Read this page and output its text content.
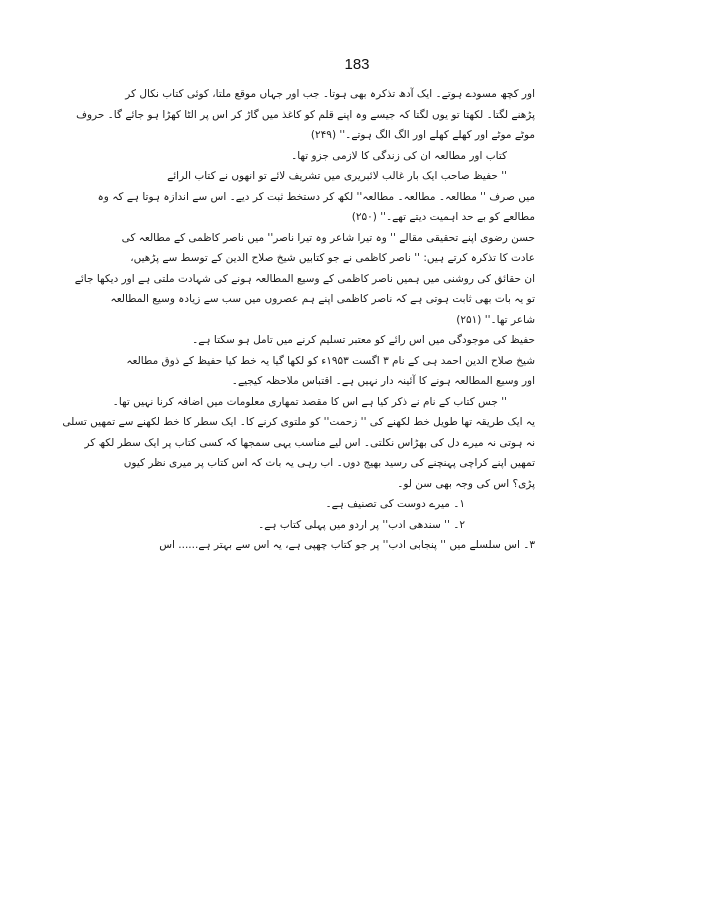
183
اور کچھ مسودے ہوتے۔ ایک آدھ تذکرہ بھی ہوتا۔ جب اور جہاں موقع ملتا، کوئی کتاب نکال کر
پڑھنے لگتا۔ لکھتا تو یوں لگتا کہ جیسے وہ اپنے قلم کو کاغذ میں گاڑ کر اس پر الٹا کھڑا ہو جائے گا۔ حروف
موٹے موٹے اور کھلے کھلے اور الگ الگ ہوتے۔'' (۲۴۹)
کتاب اور مطالعہ ان کی زندگی کا لازمی جزو تھا۔
'' حفیظ صاحب ایک بار غالب لائبریری میں تشریف لائے تو انھوں نے کتاب الرائے
میں صرف '' مطالعہ۔ مطالعہ۔ مطالعہ'' لکھ کر دستخط ثبت کر دیے۔ اس سے اندازہ ہوتا ہے کہ وہ
مطالعے کو بے حد اہمیت دیتے تھے۔'' (۲۵۰)
حسن رضوی اپنے تحقیقی مقالے '' وہ تیرا شاعر وہ تیرا ناصر'' میں ناصر کاظمی کے مطالعہ کی
عادت کا تذکرہ کرتے ہیں: '' ناصر کاظمی نے جو کتابیں شیخ صلاح الدین کے توسط سے پڑھیں،
ان حقائق کی روشنی میں ہمیں ناصر کاظمی کے وسیع المطالعہ ہونے کی شہادت ملتی ہے اور دیکھا جائے
تو یہ بات بھی ثابت ہوتی ہے کہ ناصر کاظمی اپنے ہم عصروں میں سب سے زیادہ وسیع المطالعہ
شاعر تھا۔'' (۲۵۱)
حفیظ کی موجودگی میں اس رائے کو معتبر تسلیم کرنے میں تامل ہو سکتا ہے۔
شیخ صلاح الدین احمد ہی کے نام ۳ اگست ۱۹۵۳ء کو لکھا گیا یہ خط کیا حفیظ کے ذوق مطالعہ
اور وسیع المطالعہ ہونے کا آئینہ دار نہیں ہے۔ اقتباس ملاحظہ کیجیے۔
'' جس کتاب کے نام نے ذکر کیا ہے اس کا مقصد تمھاری معلومات میں اضافہ کرنا نہیں تھا۔
یہ ایک طریقہ تھا طویل خط لکھنے کی '' زحمت'' کو ملتوی کرنے کا۔ ایک سطر کا خط لکھنے سے تمھیں تسلی
نہ ہوتی نہ میرے دل کی بھڑاس نکلتی۔ اس لیے مناسب یہی سمجھا کہ کسی کتاب پر ایک سطر لکھ کر
تمھیں اپنے کراچی پہنچنے کی رسید بھیج دوں۔ اب رہی یہ بات کہ اس کتاب پر میری نظر کیوں
پڑی؟ اس کی وجہ بھی سن لو۔
۱۔ میرے دوست کی تصنیف ہے۔
۲۔ '' سندھی ادب'' پر اردو میں پہلی کتاب ہے۔
۳۔ اس سلسلے میں '' پنجابی ادب'' پر جو کتاب چھپی ہے، یہ اس سے بہتر ہے...... اس
